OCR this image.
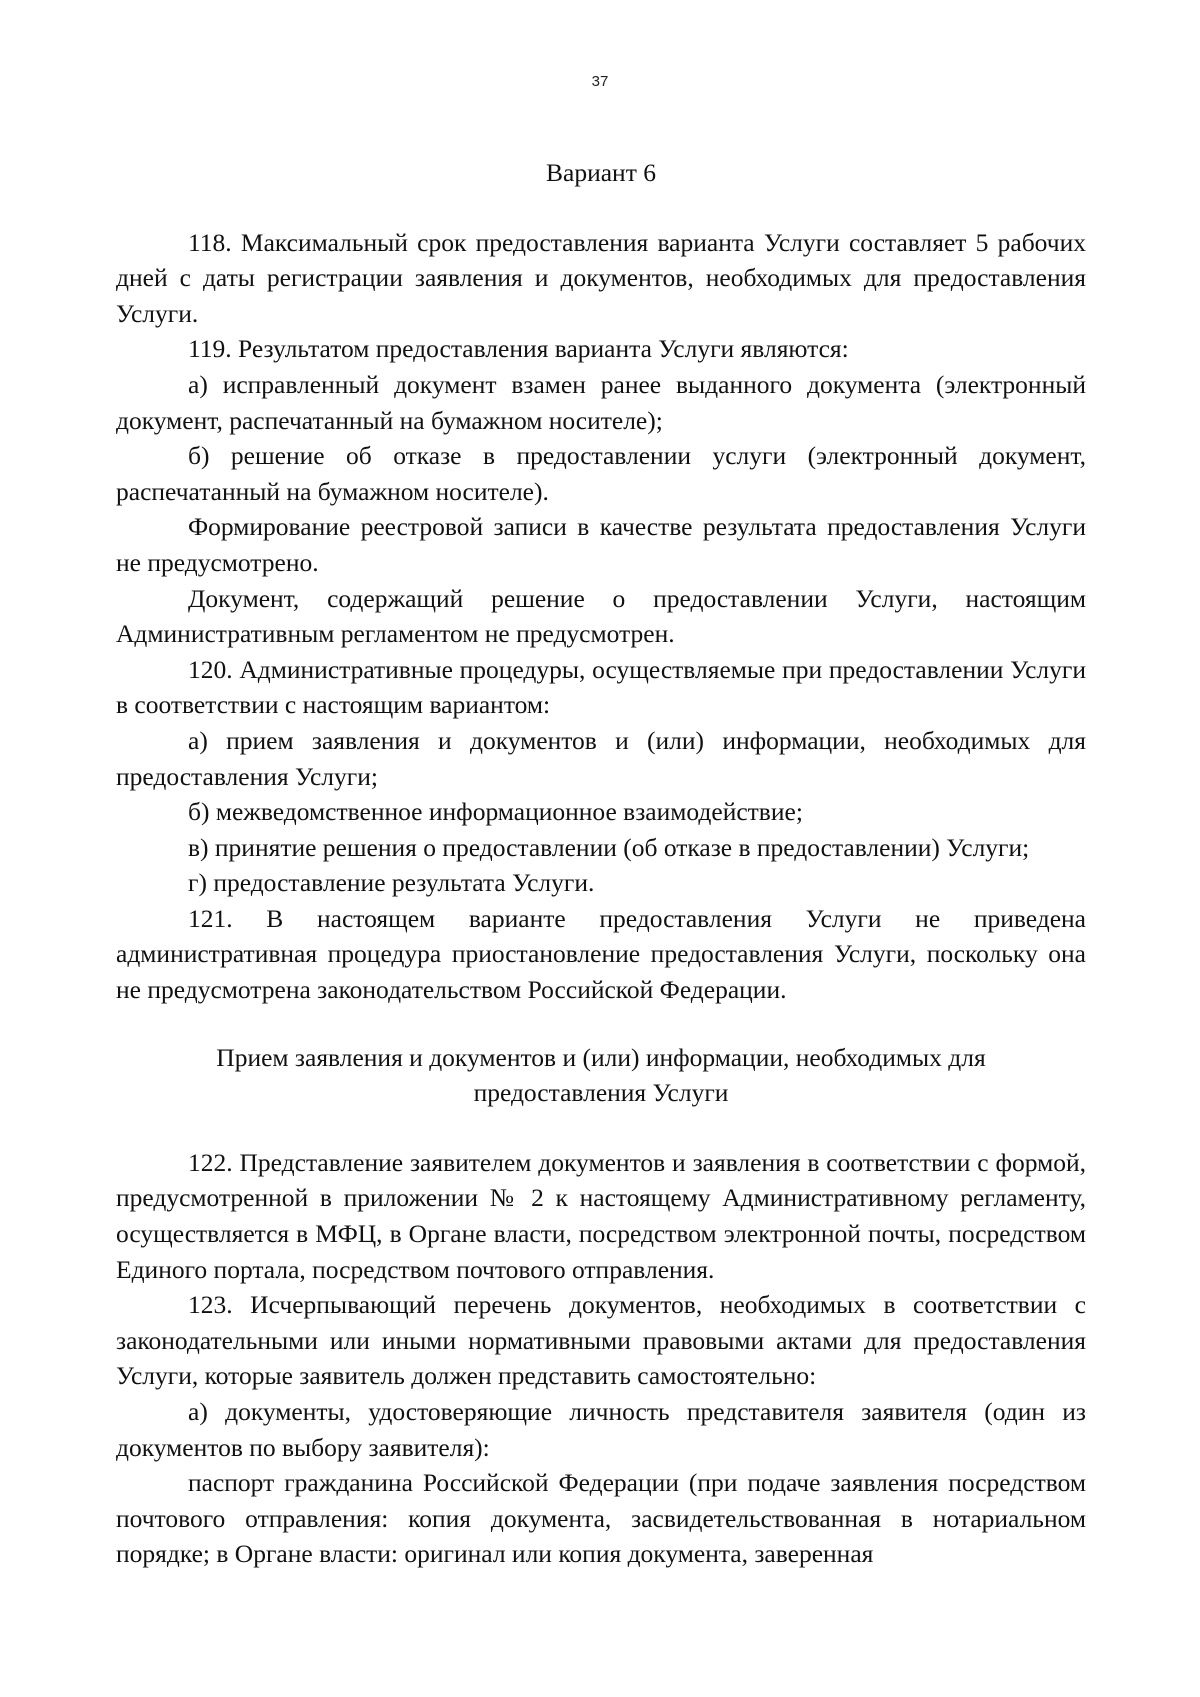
37
Вариант 6

118. Максимальный срок предоставления варианта Услуги составляет 5 рабочих дней с даты регистрации заявления и документов, необходимых для предоставления Услуги.

119. Результатом предоставления варианта Услуги являются:

а) исправленный документ взамен ранее выданного документа (электронный документ, распечатанный на бумажном носителе);

б) решение об отказе в предоставлении услуги (электронный документ, распечатанный на бумажном носителе).

Формирование реестровой записи в качестве результата предоставления Услуги не предусмотрено.

Документ, содержащий решение о предоставлении Услуги, настоящим Административным регламентом не предусмотрен.

120. Административные процедуры, осуществляемые при предоставлении Услуги в соответствии с настоящим вариантом:

а) прием заявления и документов и (или) информации, необходимых для предоставления Услуги;

б) межведомственное информационное взаимодействие;

в) принятие решения о предоставлении (об отказе в предоставлении) Услуги;

г) предоставление результата Услуги.

121. В настоящем варианте предоставления Услуги не приведена административная процедура приостановление предоставления Услуги, поскольку она не предусмотрена законодательством Российской Федерации.

Прием заявления и документов и (или) информации, необходимых для
предоставления Услуги

122. Представление заявителем документов и заявления в соответствии с формой, предусмотренной в приложении № 2 к настоящему Административному регламенту, осуществляется в МФЦ, в Органе власти, посредством электронной почты, посредством Единого портала, посредством почтового отправления.

123. Исчерпывающий перечень документов, необходимых в соответствии с законодательными или иными нормативными правовыми актами для предоставления Услуги, которые заявитель должен представить самостоятельно:

а) документы, удостоверяющие личность представителя заявителя (один из документов по выбору заявителя):

паспорт гражданина Российской Федерации (при подаче заявления посредством почтового отправления: копия документа, засвидетельствованная в нотариальном порядке; в Органе власти: оригинал или копия документа, заверенная
